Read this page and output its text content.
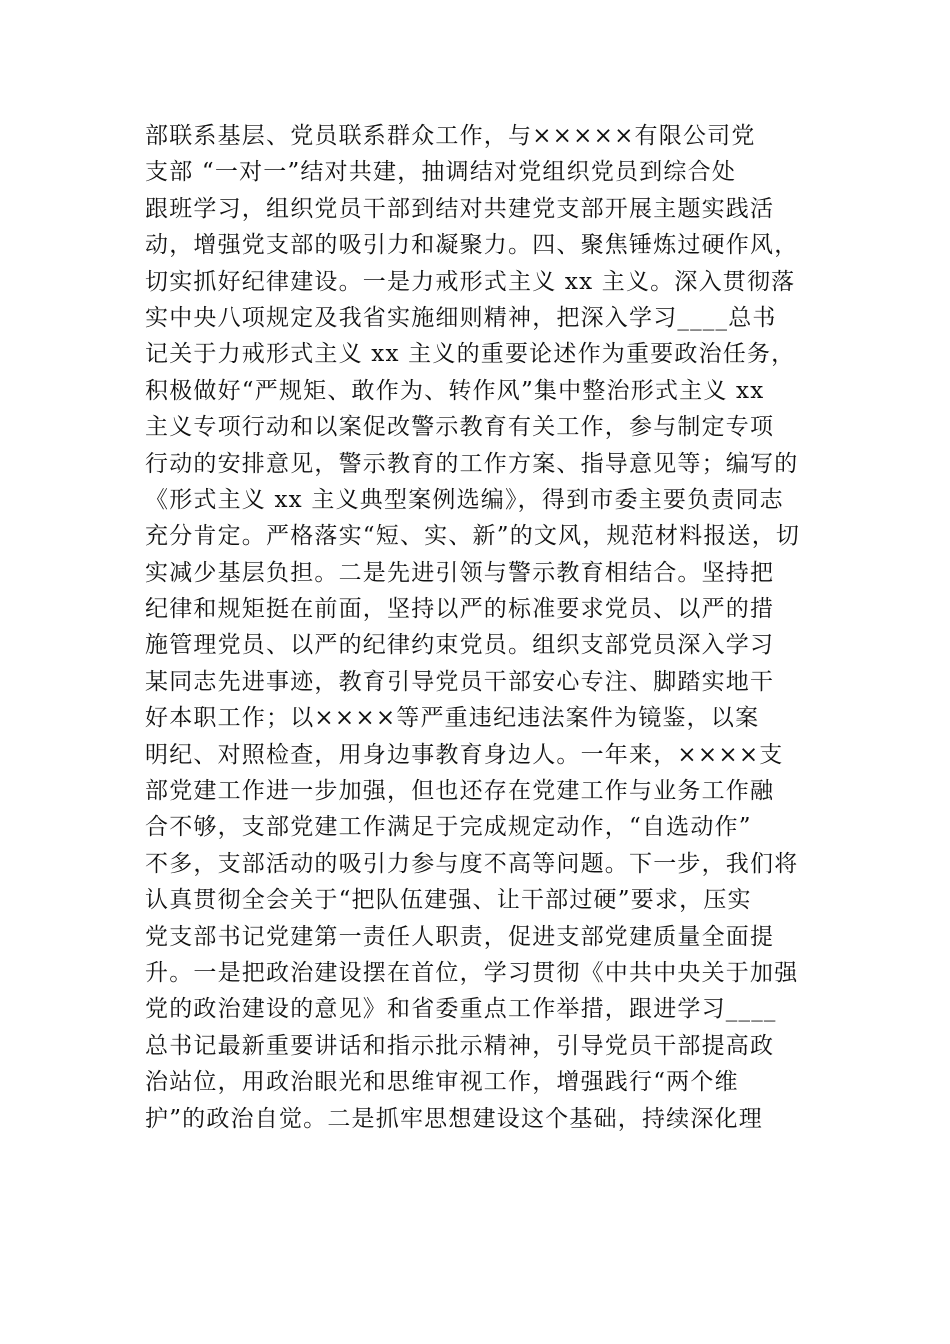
部联系基层、党员联系群众工作，与×××××有限公司党
支部 “一对一”结对共建，抽调结对党组织党员到综合处
跟班学习，组织党员干部到结对共建党支部开展主题实践活
动，增强党支部的吸引力和凝聚力。四、聚焦锤炼过硬作风，
切实抓好纪律建设。一是力戒形式主义 xx 主义。深入贯彻落
实中央八项规定及我省实施细则精神，把深入学习____总书
记关于力戒形式主义 xx 主义的重要论述作为重要政治任务，
积极做好“严规矩、敢作为、转作风”集中整治形式主义 xx
主义专项行动和以案促改警示教育有关工作，参与制定专项
行动的安排意见，警示教育的工作方案、指导意见等；编写的
《形式主义 xx 主义典型案例选编》，得到市委主要负责同志
充分肯定。严格落实“短、实、新”的文风，规范材料报送，切
实减少基层负担。二是先进引领与警示教育相结合。坚持把
纪律和规矩挺在前面，坚持以严的标准要求党员、以严的措
施管理党员、以严的纪律约束党员。组织支部党员深入学习
某同志先进事迹，教育引导党员干部安心专注、脚踏实地干
好本职工作；以××××等严重违纪违法案件为镜鉴，以案
明纪、对照检查，用身边事教育身边人。一年来，××××支
部党建工作进一步加强，但也还存在党建工作与业务工作融
合不够，支部党建工作满足于完成规定动作，“自选动作”
不多，支部活动的吸引力参与度不高等问题。下一步，我们将
认真贯彻全会关于“把队伍建强、让干部过硬”要求，压实
党支部书记党建第一责任人职责，促进支部党建质量全面提
升。一是把政治建设摆在首位，学习贯彻《中共中央关于加强
党的政治建设的意见》和省委重点工作举措，跟进学习____
总书记最新重要讲话和指示批示精神，引导党员干部提高政
治站位，用政治眼光和思维审视工作，增强践行“两个维
护”的政治自觉。二是抓牢思想建设这个基础，持续深化理
